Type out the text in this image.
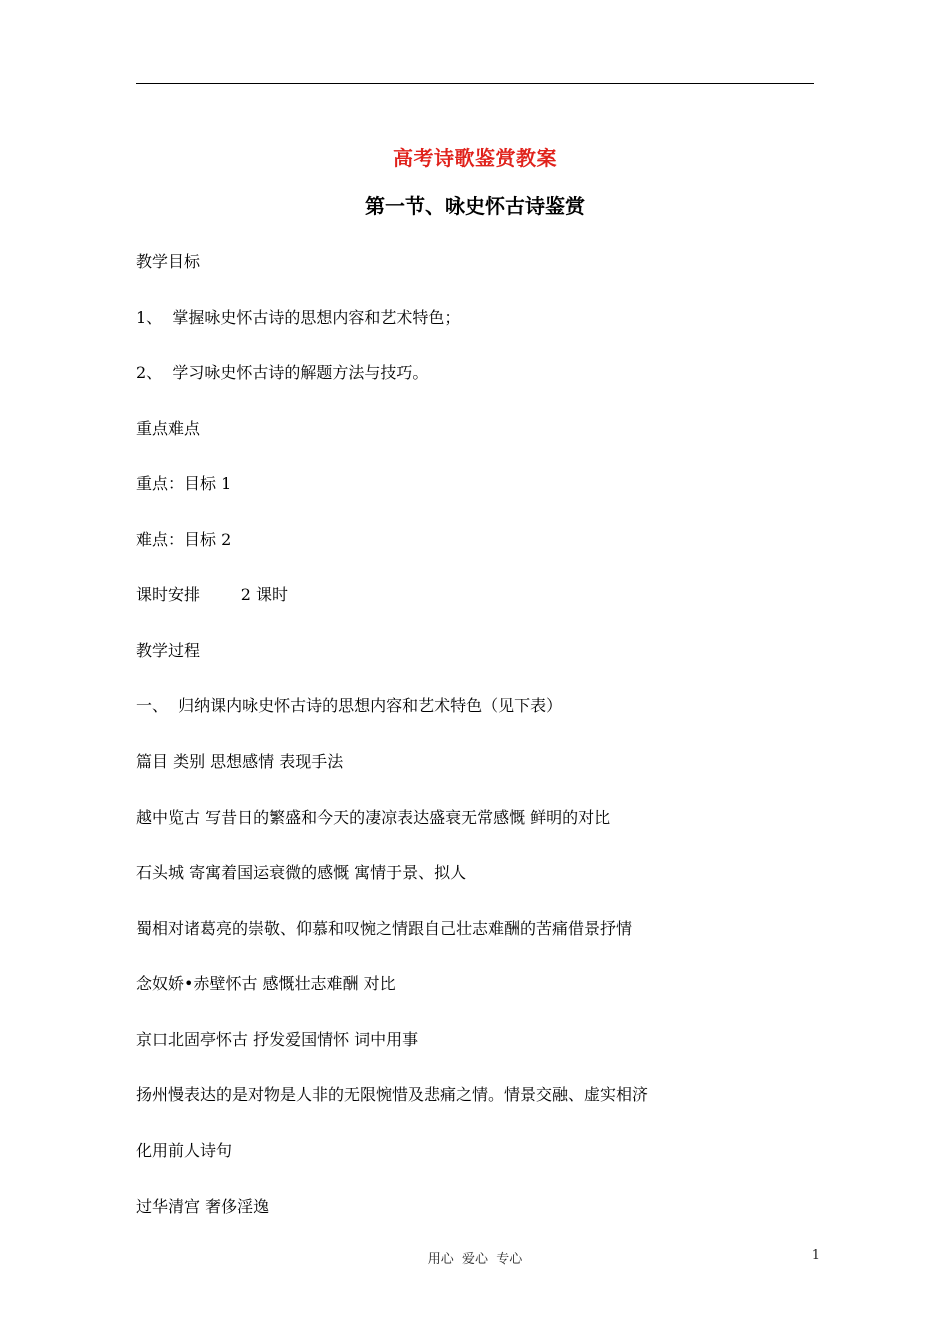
高考诗歌鉴赏教案
第一节、咏史怀古诗鉴赏
教学目标
1、  掌握咏史怀古诗的思想内容和艺术特色；
2、  学习咏史怀古诗的解题方法与技巧。
重点难点
重点：目标 1
难点：目标 2
课时安排        2 课时
教学过程
一、  归纳课内咏史怀古诗的思想内容和艺术特色（见下表）
篇目 类别 思想感情 表现手法
越中览古 写昔日的繁盛和今天的凄凉表达盛衰无常感慨 鲜明的对比
石头城 寄寓着国运衰微的感慨 寓情于景、拟人
蜀相对诸葛亮的崇敬、仰慕和叹惋之情跟自己壮志难酬的苦痛借景抒情
念奴娇•赤壁怀古 感慨壮志难酬 对比
京口北固亭怀古 抒发爱国情怀 词中用事
扬州慢表达的是对物是人非的无限惋惜及悲痛之情。情景交融、虚实相济
化用前人诗句
过华清宫 奢侈淫逸
用心  爱心  专心	1
